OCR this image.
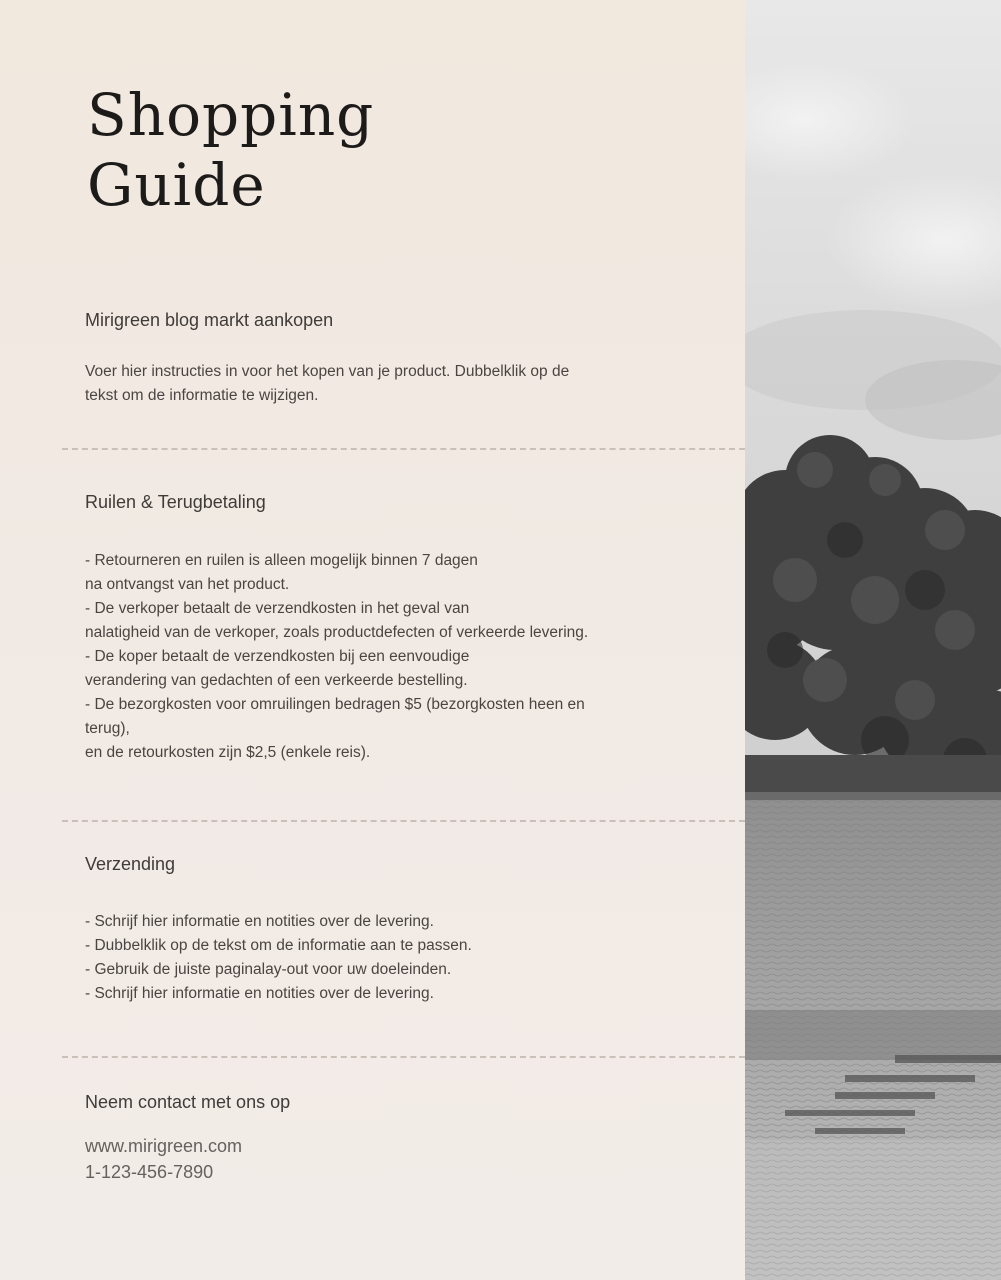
Shopping
Guide
Mirigreen blog markt aankopen

Voer hier instructies in voor het kopen van je product. Dubbelklik op de
tekst om de informatie te wijzigen.

Ruilen & Terugbetaling

- Retourneren en ruilen is alleen mogelijk binnen 7 dagen
na ontvangst van het product.
- De verkoper betaalt de verzendkosten in het geval van
nalatigheid van de verkoper, zoals productdefecten of verkeerde levering.
- De koper betaalt de verzendkosten bij een eenvoudige
verandering van gedachten of een verkeerde bestelling.
- De bezorgkosten voor omruilingen bedragen $5 (bezorgkosten heen en
terug),
en de retourkosten zijn $2,5 (enkele reis).

Verzending

- Schrijf hier informatie en notities over de levering.
- Dubbelklik op de tekst om de informatie aan te passen.
- Gebruik de juiste paginalay-out voor uw doeleinden.
- Schrijf hier informatie en notities over de levering.

Neem contact met ons op
www.mirigreen.com
1-123-456-7890
